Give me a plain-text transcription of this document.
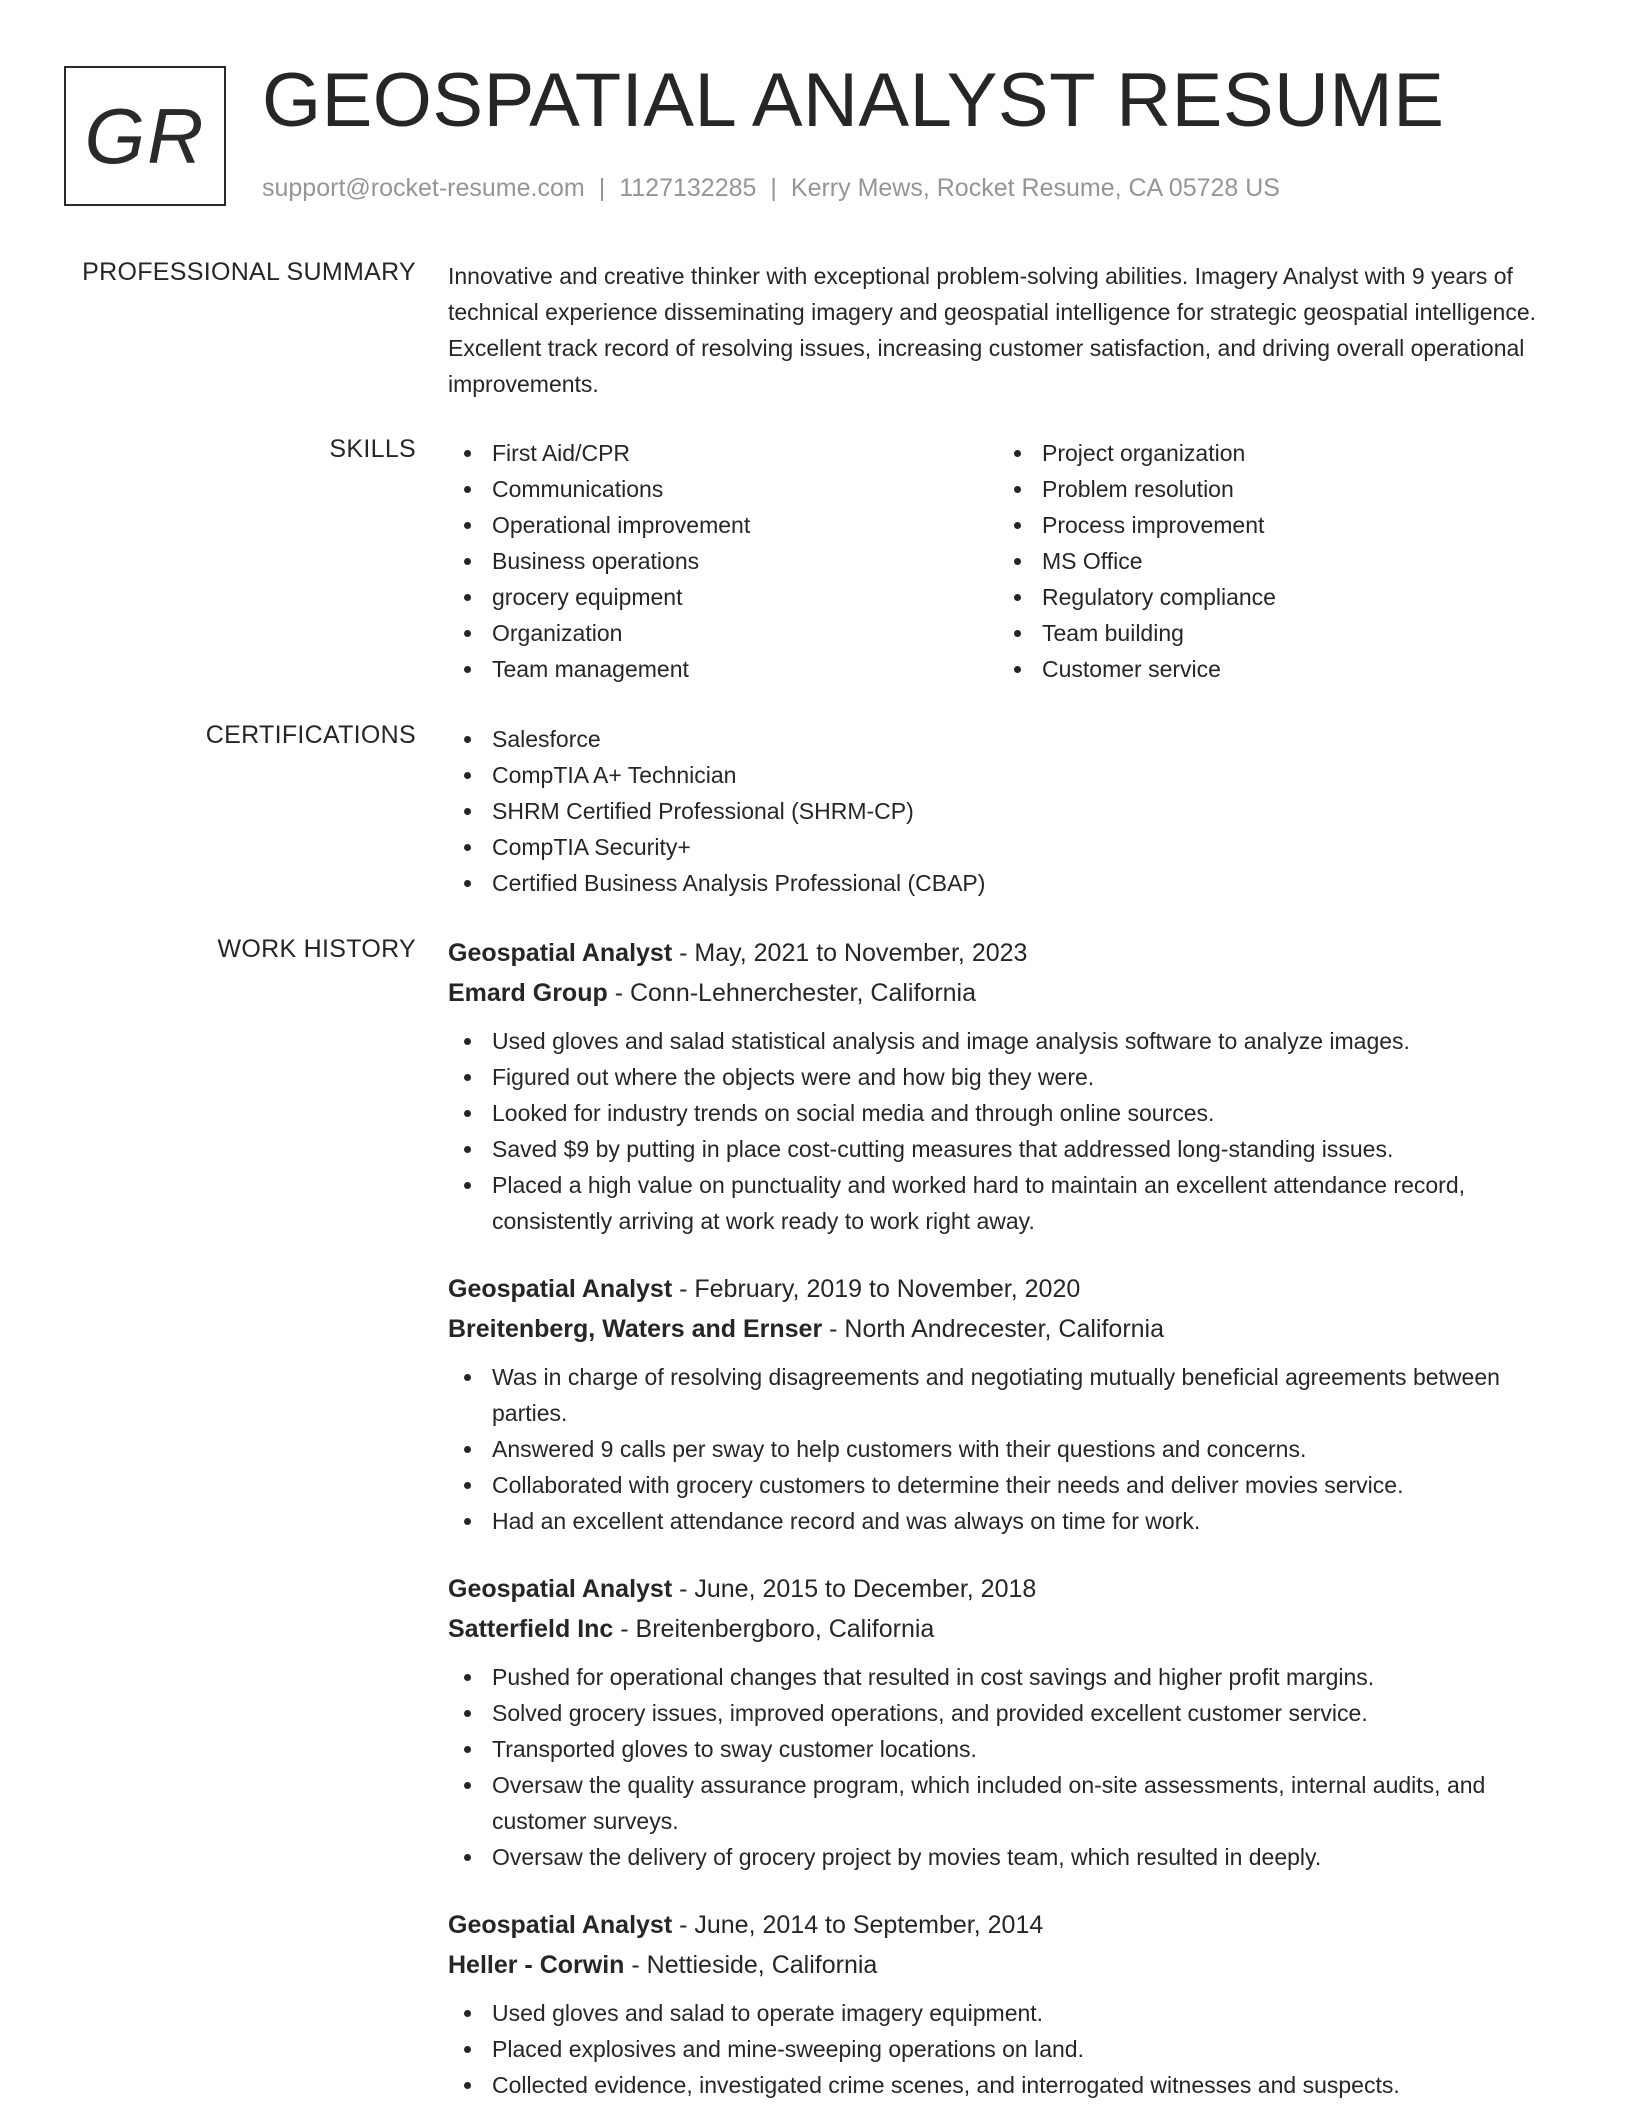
GR GEOSPATIAL ANALYST RESUME
support@rocket-resume.com | 1127132285 | Kerry Mews, Rocket Resume, CA 05728 US
PROFESSIONAL SUMMARY Innovative and creative thinker with exceptional problem-solving abilities. Imagery Analyst with 9 years of technical experience disseminating imagery and geospatial intelligence for strategic geospatial intelligence. Excellent track record of resolving issues, increasing customer satisfaction, and driving overall operational improvements.

SKILLS	First Aid/CPR
Communications
Operational improvement
Business operations
grocery equipment
Organization
Team management
Project organization
Problem resolution
Process improvement
MS Office
Regulatory compliance
Team building
Customer service
CERTIFICATIONS	Salesforce
CompTIA A+ Technician
SHRM Certified Professional (SHRM-CP)
CompTIA Security+
Certified Business Analysis Professional (CBAP)
WORK HISTORY Geospatial Analyst - May, 2021 to November, 2023
Emard Group - Conn-Lehnerchester, California
Used gloves and salad statistical analysis and image analysis software to analyze images.
Figured out where the objects were and how big they were.
Looked for industry trends on social media and through online sources.
Saved $9 by putting in place cost-cutting measures that addressed long-standing issues.
Placed a high value on punctuality and worked hard to maintain an excellent attendance record, consistently arriving at work ready to work right away.
Geospatial Analyst - February, 2019 to November, 2020
Breitenberg, Waters and Ernser - North Andrecester, California
Was in charge of resolving disagreements and negotiating mutually beneficial agreements between parties.
Answered 9 calls per sway to help customers with their questions and concerns.
Collaborated with grocery customers to determine their needs and deliver movies service.
Had an excellent attendance record and was always on time for work.
Geospatial Analyst - June, 2015 to December, 2018
Satterfield Inc - Breitenbergboro, California
Pushed for operational changes that resulted in cost savings and higher profit margins.
Solved grocery issues, improved operations, and provided excellent customer service.
Transported gloves to sway customer locations.
Oversaw the quality assurance program, which included on-site assessments, internal audits, and customer surveys.
Oversaw the delivery of grocery project by movies team, which resulted in deeply.
Geospatial Analyst - June, 2014 to September, 2014
Heller - Corwin - Nettieside, California
Used gloves and salad to operate imagery equipment.
Placed explosives and mine-sweeping operations on land.
Collected evidence, investigated crime scenes, and interrogated witnesses and suspects.
